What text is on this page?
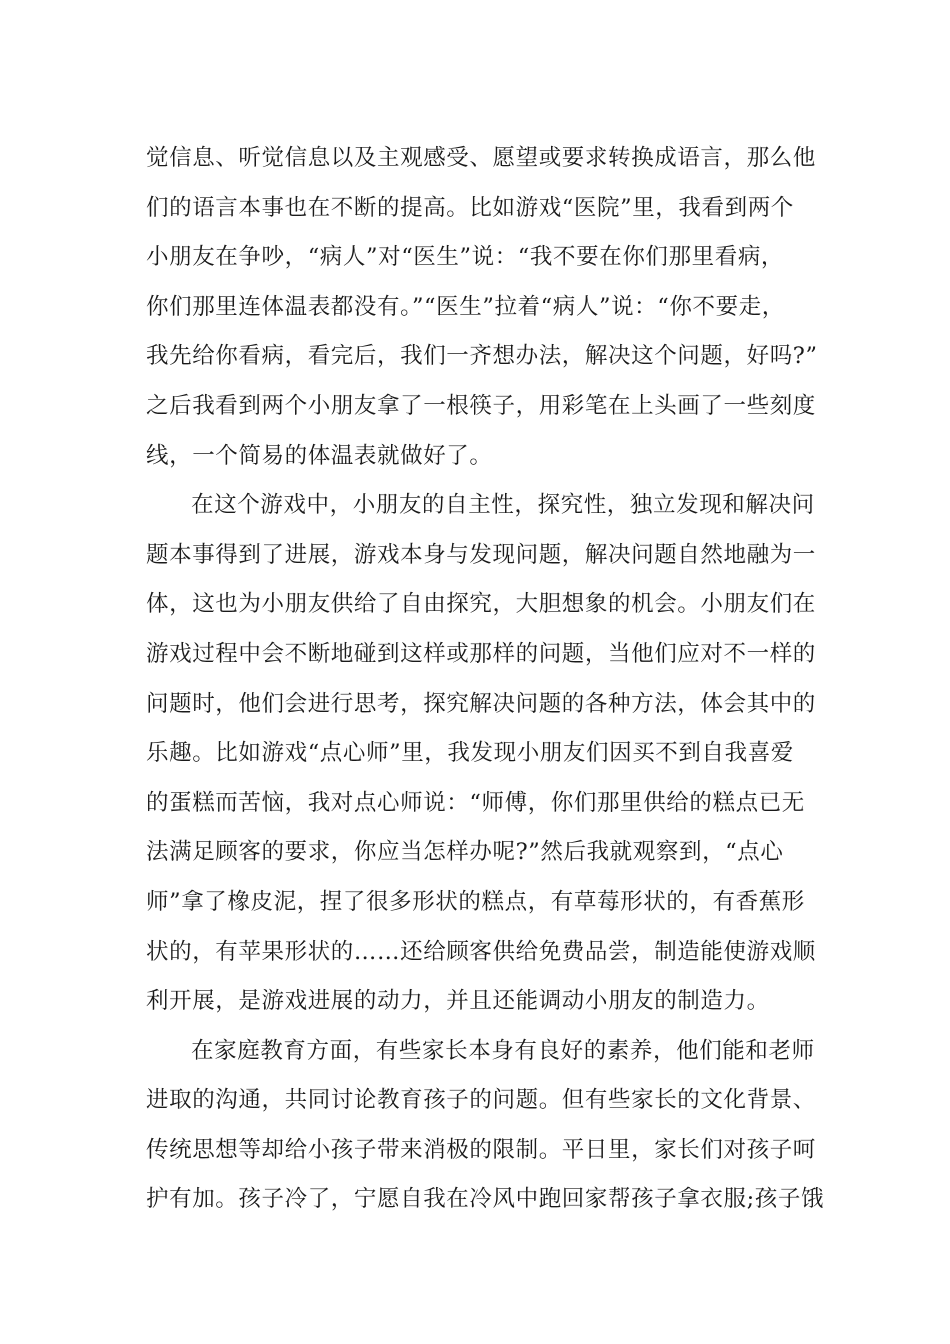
觉信息、听觉信息以及主观感受、愿望或要求转换成语言，那么他
们的语言本事也在不断的提高。比如游戏“医院”里，我看到两个
小朋友在争吵，“病人”对“医生”说：“我不要在你们那里看病，
你们那里连体温表都没有。”“医生”拉着“病人”说：“你不要走，
我先给你看病，看完后，我们一齐想办法，解决这个问题，好吗?”
之后我看到两个小朋友拿了一根筷子，用彩笔在上头画了一些刻度
线，一个简易的体温表就做好了。
在这个游戏中，小朋友的自主性，探究性，独立发现和解决问
题本事得到了进展，游戏本身与发现问题，解决问题自然地融为一
体，这也为小朋友供给了自由探究，大胆想象的机会。小朋友们在
游戏过程中会不断地碰到这样或那样的问题，当他们应对不一样的
问题时，他们会进行思考，探究解决问题的各种方法，体会其中的
乐趣。比如游戏“点心师”里，我发现小朋友们因买不到自我喜爱
的蛋糕而苦恼，我对点心师说：“师傅，你们那里供给的糕点已无
法满足顾客的要求，你应当怎样办呢?”然后我就观察到，“点心
师”拿了橡皮泥，捏了很多形状的糕点，有草莓形状的，有香蕉形
状的，有苹果形状的……还给顾客供给免费品尝，制造能使游戏顺
利开展，是游戏进展的动力，并且还能调动小朋友的制造力。
在家庭教育方面，有些家长本身有良好的素养，他们能和老师
进取的沟通，共同讨论教育孩子的问题。但有些家长的文化背景、
传统思想等却给小孩子带来消极的限制。平日里，家长们对孩子呵
护有加。孩子冷了，宁愿自我在冷风中跑回家帮孩子拿衣服;孩子饿
